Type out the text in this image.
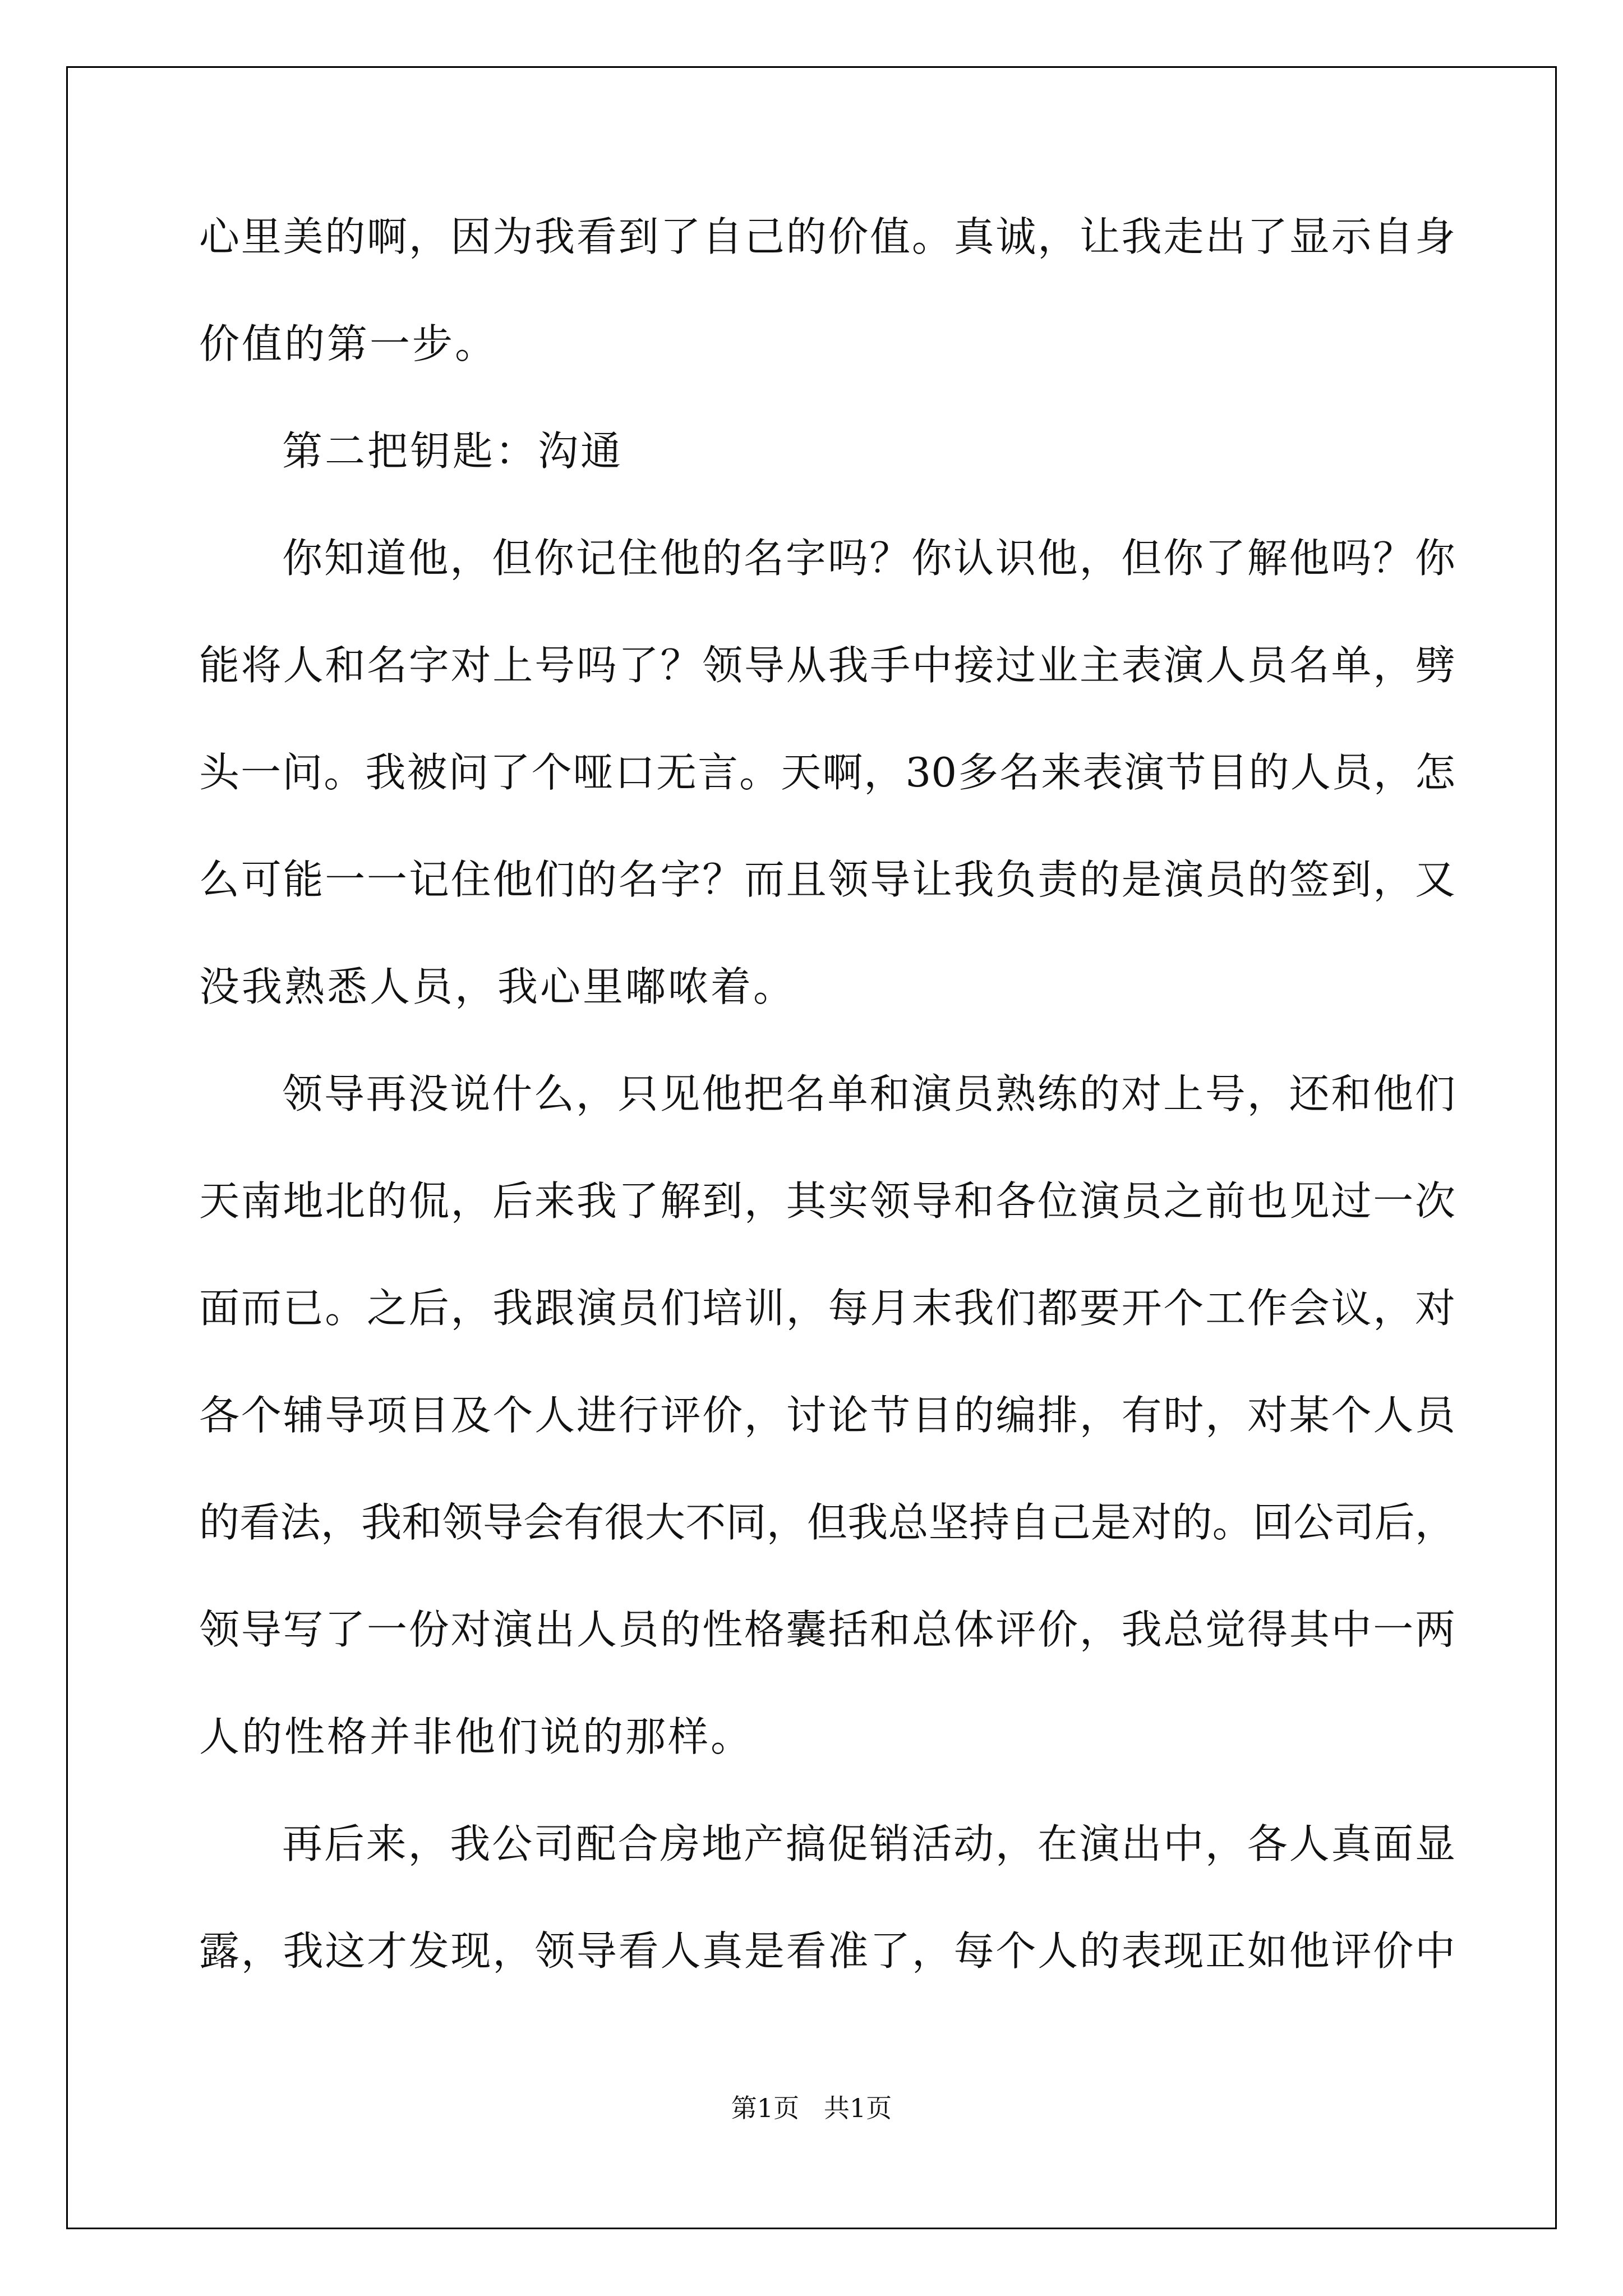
心里美的啊，因为我看到了自己的价值。真诚，让我走出了显示自身
价值的第一步。
第二把钥匙：沟通
你知道他，但你记住他的名字吗？你认识他，但你了解他吗？你
能将人和名字对上号吗了？领导从我手中接过业主表演人员名单，劈
头一问。我被问了个哑口无言。天啊，30多名来表演节目的人员，怎
么可能一一记住他们的名字？而且领导让我负责的是演员的签到，又
没我熟悉人员，我心里嘟哝着。
领导再没说什么，只见他把名单和演员熟练的对上号，还和他们
天南地北的侃，后来我了解到，其实领导和各位演员之前也见过一次
面而已。之后，我跟演员们培训，每月末我们都要开个工作会议，对
各个辅导项目及个人进行评价，讨论节目的编排，有时，对某个人员
的看法，我和领导会有很大不同，但我总坚持自己是对的。回公司后，
领导写了一份对演出人员的性格囊括和总体评价，我总觉得其中一两
人的性格并非他们说的那样。
再后来，我公司配合房地产搞促销活动，在演出中，各人真面显
露，我这才发现，领导看人真是看准了，每个人的表现正如他评价中
第1页   共1页
